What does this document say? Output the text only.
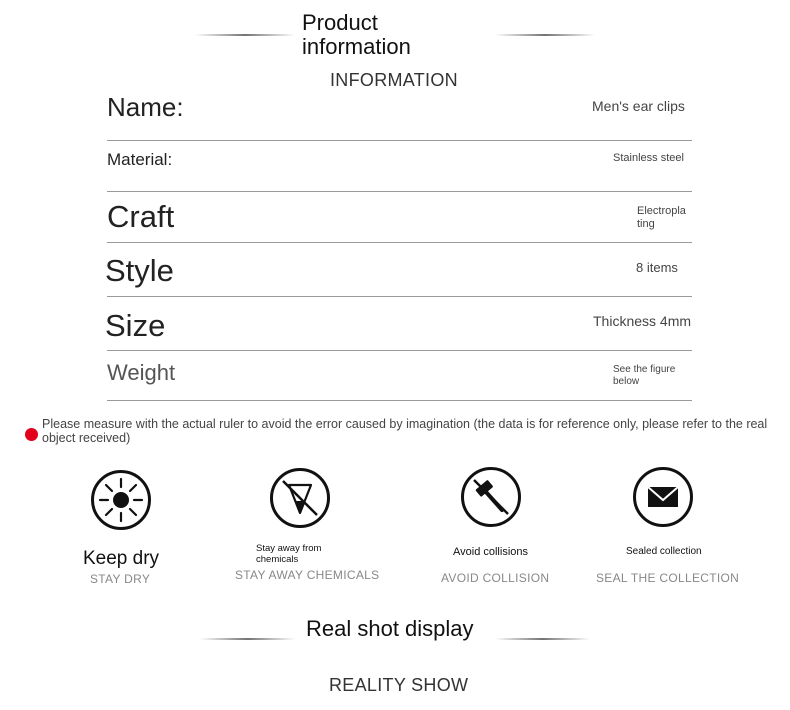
Product
information
INFORMATION
Name:	Men's ear clips
Material:	Stainless steel
Craft	Electropla
ting
Style	8 items
Size	Thickness 4mm
Weight	See the figure
below
Please measure with the actual ruler to avoid the error caused by imagination (the data is for reference only, please refer to the real object received)
Keep dry
STAY DRY
Stay away from
chemicals
STAY AWAY CHEMICALS
Avoid collisions
AVOID COLLISION
Sealed collection
SEAL THE COLLECTION
Real shot display
REALITY SHOW
